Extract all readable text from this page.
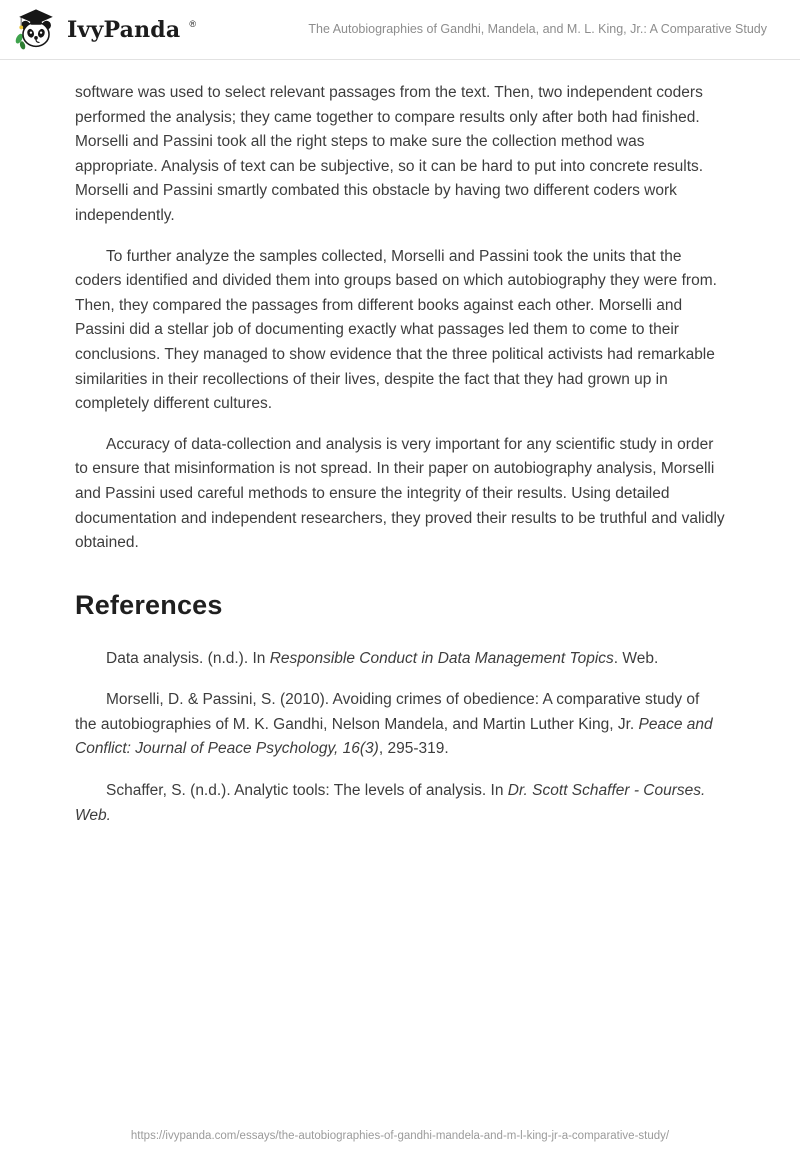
IvyPanda ®	The Autobiographies of Gandhi, Mandela, and M. L. King, Jr.: A Comparative Study

software was used to select relevant passages from the text. Then, two independent coders performed the analysis; they came together to compare results only after both had finished. Morselli and Passini took all the right steps to make sure the collection method was appropriate. Analysis of text can be subjective, so it can be hard to put into concrete results. Morselli and Passini smartly combated this obstacle by having two different coders work independently.

To further analyze the samples collected, Morselli and Passini took the units that the coders identified and divided them into groups based on which autobiography they were from. Then, they compared the passages from different books against each other. Morselli and Passini did a stellar job of documenting exactly what passages led them to come to their conclusions. They managed to show evidence that the three political activists had remarkable similarities in their recollections of their lives, despite the fact that they had grown up in completely different cultures.

Accuracy of data-collection and analysis is very important for any scientific study in order to ensure that misinformation is not spread. In their paper on autobiography analysis, Morselli and Passini used careful methods to ensure the integrity of their results. Using detailed documentation and independent researchers, they proved their results to be truthful and validly obtained.

References

Data analysis. (n.d.). In Responsible Conduct in Data Management Topics. Web.

Morselli, D. & Passini, S. (2010). Avoiding crimes of obedience: A comparative study of the autobiographies of M. K. Gandhi, Nelson Mandela, and Martin Luther King, Jr. Peace and Conflict: Journal of Peace Psychology, 16(3), 295-319.

Schaffer, S. (n.d.). Analytic tools: The levels of analysis. In Dr. Scott Schaffer - Courses. Web.

https://ivypanda.com/essays/the-autobiographies-of-gandhi-mandela-and-m-l-king-jr-a-comparative-study/
